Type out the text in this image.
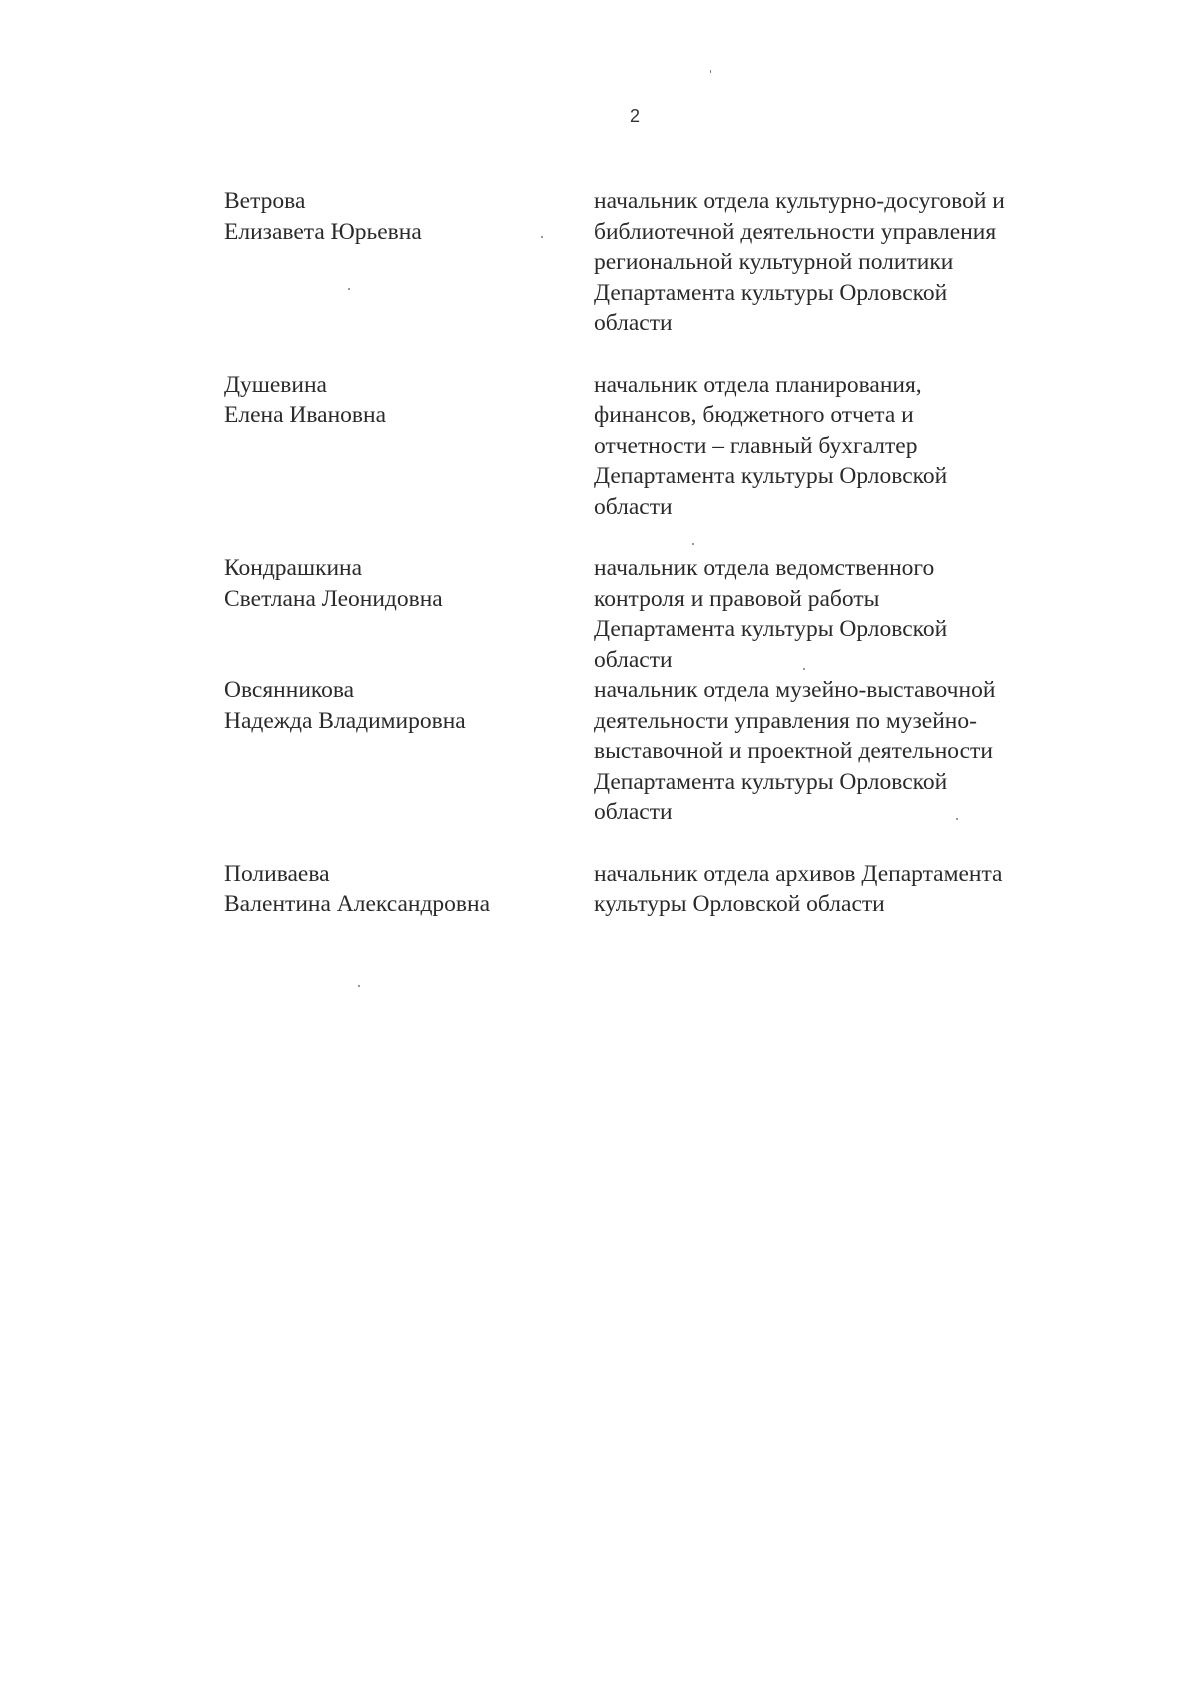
2
Ветрова
Елизавета Юрьевна
начальник отдела культурно-досуговой и
библиотечной деятельности управления
региональной культурной политики
Департамента культуры Орловской
области
Душевина
Елена Ивановна
начальник отдела планирования,
финансов, бюджетного отчета и
отчетности – главный бухгалтер
Департамента культуры Орловской
области
Кондрашкина
Светлана Леонидовна
начальник отдела ведомственного
контроля и правовой работы
Департамента культуры Орловской
области
Овсянникова
Надежда Владимировна
начальник отдела музейно-выставочной
деятельности управления по музейно-
выставочной и проектной деятельности
Департамента культуры Орловской
области
Поливаева
Валентина Александровна
начальник отдела архивов Департамента
культуры Орловской области
